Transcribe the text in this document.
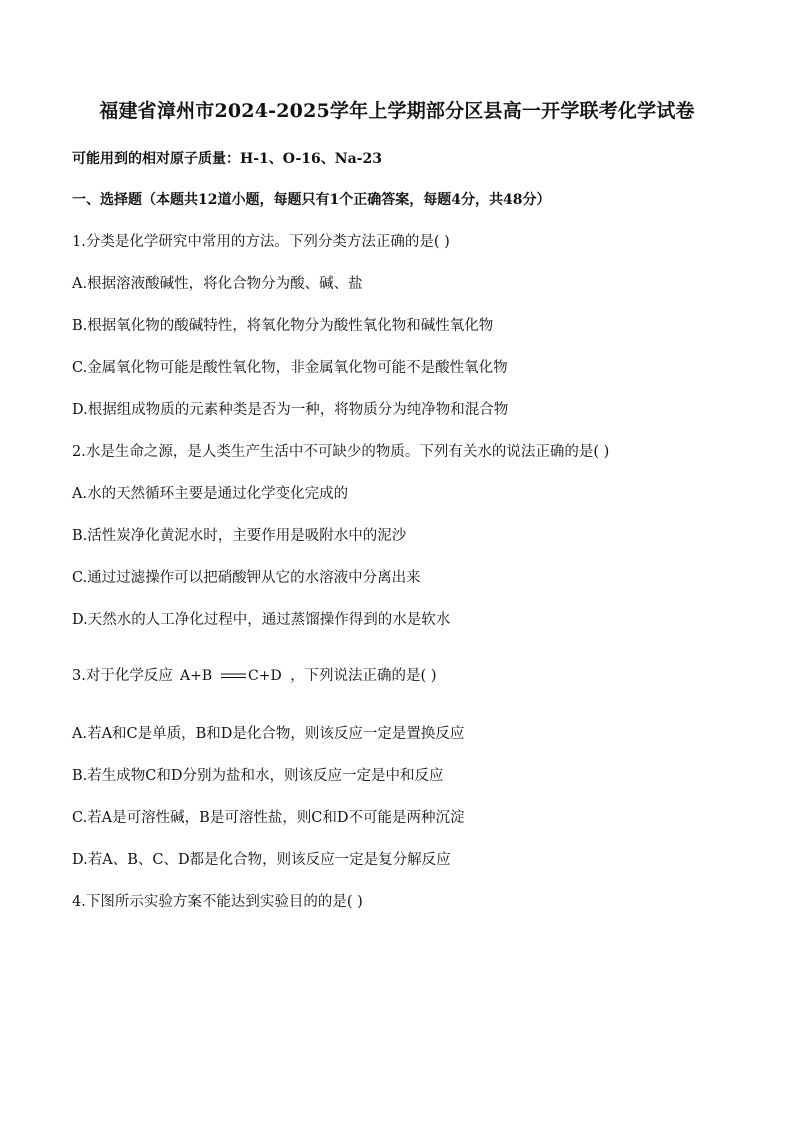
福建省漳州市2024-2025学年上学期部分区县高一开学联考化学试卷
可能用到的相对原子质量：H-1、O-16、Na-23
一、选择题（本题共12道小题，每题只有1个正确答案，每题4分，共48分）
1.分类是化学研究中常用的方法。下列分类方法正确的是( )
A.根据溶液酸碱性，将化合物分为酸、碱、盐
B.根据氧化物的酸碱特性，将氧化物分为酸性氧化物和碱性氧化物
C.金属氧化物可能是酸性氧化物，非金属氧化物可能不是酸性氧化物
D.根据组成物质的元素种类是否为一种，将物质分为纯净物和混合物
2.水是生命之源，是人类生产生活中不可缺少的物质。下列有关水的说法正确的是( )
A.水的天然循环主要是通过化学变化完成的
B.活性炭净化黄泥水时，主要作用是吸附水中的泥沙
C.通过过滤操作可以把硝酸钾从它的水溶液中分离出来
D.天然水的人工净化过程中，通过蒸馏操作得到的水是软水
3.对于化学反应 A+B	C+D ，下列说法正确的是( )
A.若A和C是单质，B和D是化合物，则该反应一定是置换反应
B.若生成物C和D分别为盐和水，则该反应一定是中和反应
C.若A是可溶性碱，B是可溶性盐，则C和D不可能是两种沉淀
D.若A、B、C、D都是化合物，则该反应一定是复分解反应
4.下图所示实验方案不能达到实验目的的是( )
